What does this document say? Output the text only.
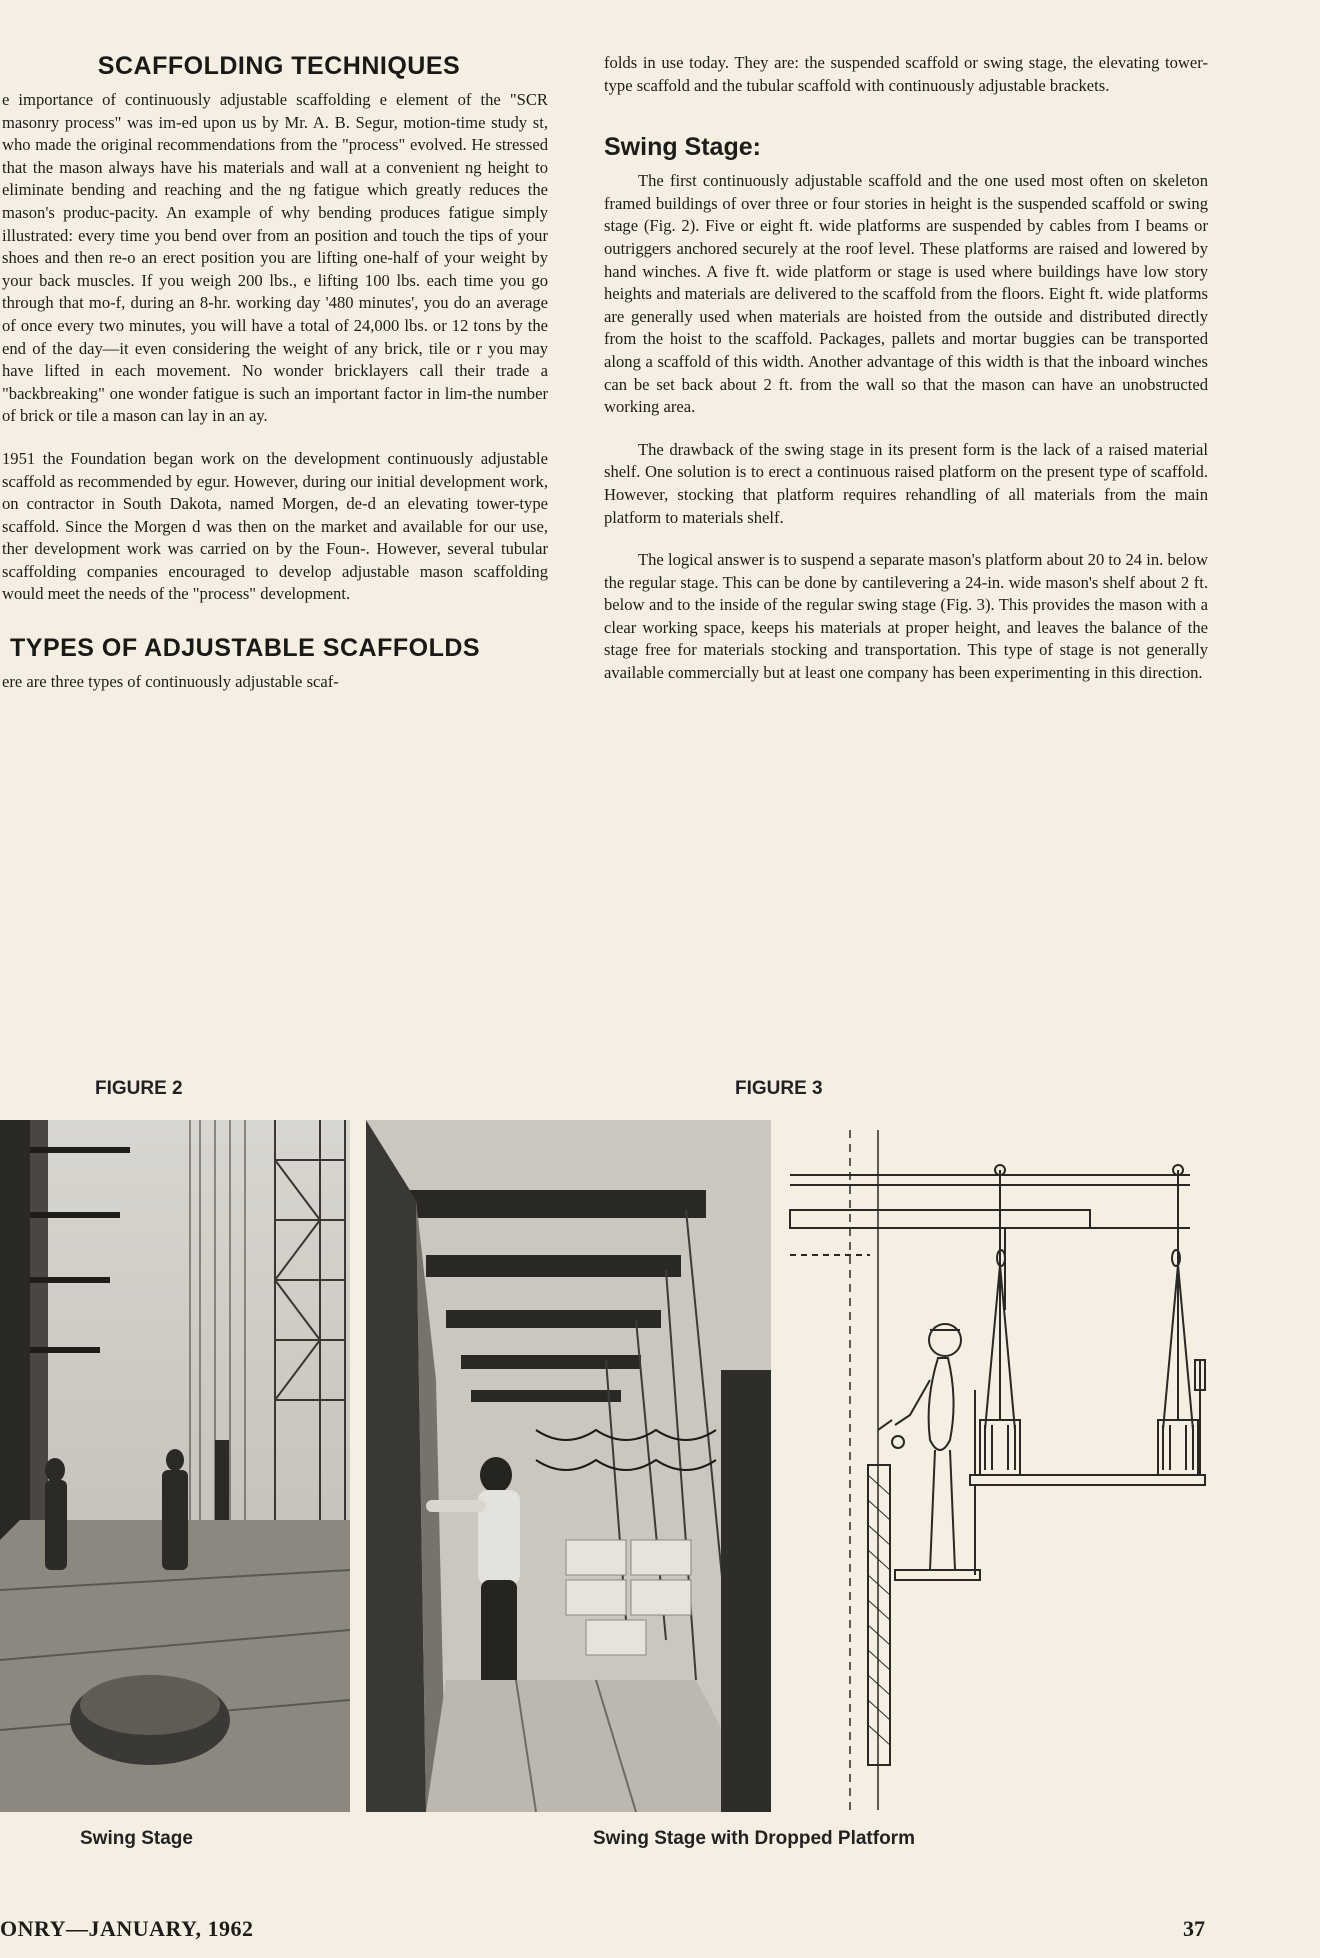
SCAFFOLDING TECHNIQUES

e importance of continuously adjustable scaffolding e element of the "SCR masonry process" was im-ed upon us by Mr. A. B. Segur, motion-time study st, who made the original recommendations from the "process" evolved. He stressed that the mason always have his materials and wall at a convenient ng height to eliminate bending and reaching and the ng fatigue which greatly reduces the mason's produc-pacity. An example of why bending produces fatigue simply illustrated: every time you bend over from an position and touch the tips of your shoes and then re-o an erect position you are lifting one-half of your weight by your back muscles. If you weigh 200 lbs., e lifting 100 lbs. each time you go through that mo-f, during an 8-hr. working day '480 minutes', you do an average of once every two minutes, you will have a total of 24,000 lbs. or 12 tons by the end of the day—it even considering the weight of any brick, tile or r you may have lifted in each movement. No wonder bricklayers call their trade a "backbreaking" one wonder fatigue is such an important factor in lim-the number of brick or tile a mason can lay in an ay.

1951 the Foundation began work on the development continuously adjustable scaffold as recommended by egur. However, during our initial development work, on contractor in South Dakota, named Morgen, de-d an elevating tower-type scaffold. Since the Morgen d was then on the market and available for our use, ther development work was carried on by the Foun-. However, several tubular scaffolding companies encouraged to develop adjustable mason scaffolding would meet the needs of the "process" development.

TYPES OF ADJUSTABLE SCAFFOLDS

ere are three types of continuously adjustable scaf-

folds in use today. They are: the suspended scaffold or swing stage, the elevating tower-type scaffold and the tubular scaffold with continuously adjustable brackets.

Swing Stage:

The first continuously adjustable scaffold and the one used most often on skeleton framed buildings of over three or four stories in height is the suspended scaffold or swing stage (Fig. 2). Five or eight ft. wide platforms are suspended by cables from I beams or outriggers anchored securely at the roof level. These platforms are raised and lowered by hand winches. A five ft. wide platform or stage is used where buildings have low story heights and materials are delivered to the scaffold from the floors. Eight ft. wide platforms are generally used when materials are hoisted from the outside and distributed directly from the hoist to the scaffold. Packages, pallets and mortar buggies can be transported along a scaffold of this width. Another advantage of this width is that the inboard winches can be set back about 2 ft. from the wall so that the mason can have an unobstructed working area.

The drawback of the swing stage in its present form is the lack of a raised material shelf. One solution is to erect a continuous raised platform on the present type of scaffold. However, stocking that platform requires rehandling of all materials from the main platform to materials shelf.

The logical answer is to suspend a separate mason's platform about 20 to 24 in. below the regular stage. This can be done by cantilevering a 24-in. wide mason's shelf about 2 ft. below and to the inside of the regular swing stage (Fig. 3). This provides the mason with a clear working space, keeps his materials at proper height, and leaves the balance of the stage free for materials stocking and transportation. This type of stage is not generally available commercially but at least one company has been experimenting in this direction.

FIGURE 2	FIGURE 3
Swing Stage	Swing Stage with Dropped Platform
ONRY—JANUARY, 1962	37
